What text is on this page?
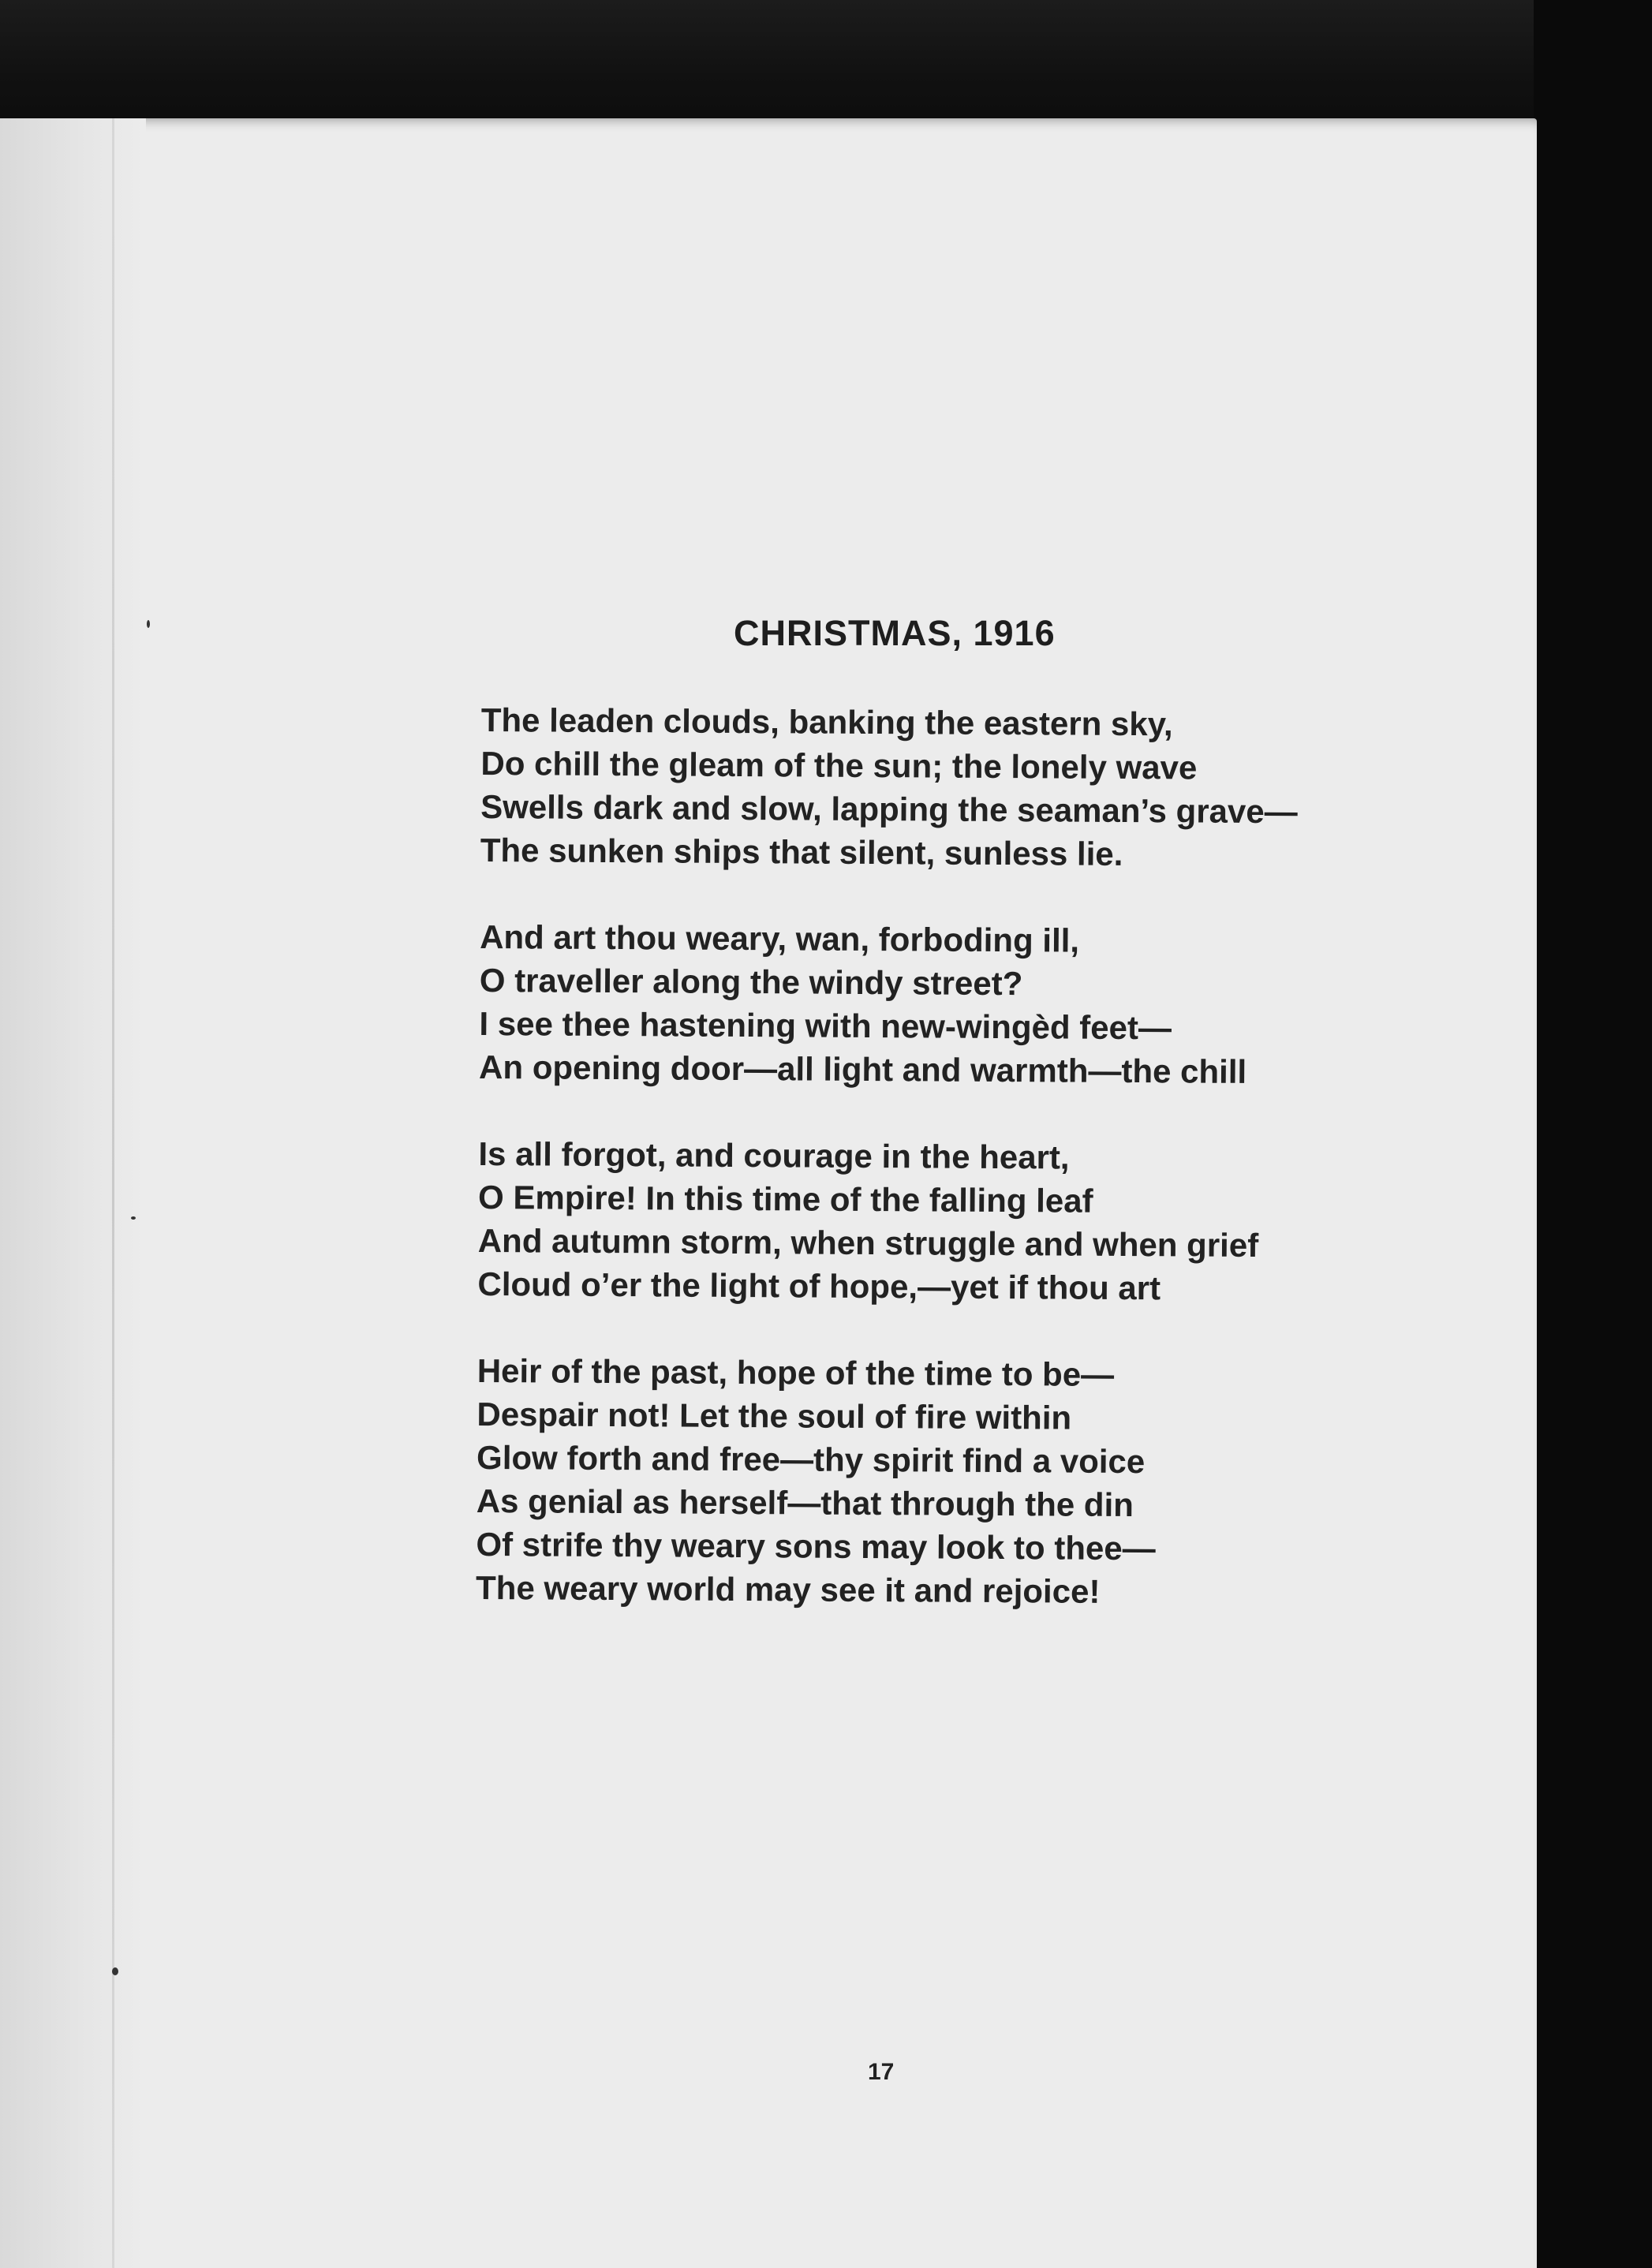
CHRISTMAS, 1916
The leaden clouds, banking the eastern sky,
Do chill the gleam of the sun; the lonely wave
Swells dark and slow, lapping the seaman’s grave—
The sunken ships that silent, sunless lie.
And art thou weary, wan, forboding ill,
O traveller along the windy street?
I see thee hastening with new-wingèd feet—
An opening door—all light and warmth—the chill
Is all forgot, and courage in the heart,
O Empire! In this time of the falling leaf
And autumn storm, when struggle and when grief
Cloud o’er the light of hope,—yet if thou art
Heir of the past, hope of the time to be—
Despair not! Let the soul of fire within
Glow forth and free—thy spirit find a voice
As genial as herself—that through the din
Of strife thy weary sons may look to thee—
The weary world may see it and rejoice!
17
